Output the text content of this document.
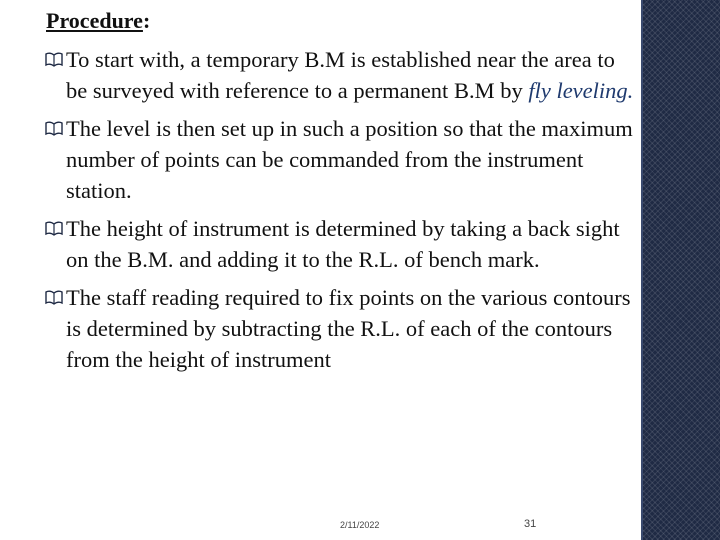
Procedure:
To start with, a temporary B.M is established near the area to be surveyed with reference to a permanent B.M by fly leveling.
The level is then set up in such a position so that the maximum number of points can be commanded from the instrument station.
The height of instrument is determined by taking a back sight on the B.M. and adding it to the R.L. of bench mark.
The staff reading required to fix points on the various contours is determined by subtracting the R.L. of each of the contours from the height of instrument
2/11/2022	31
